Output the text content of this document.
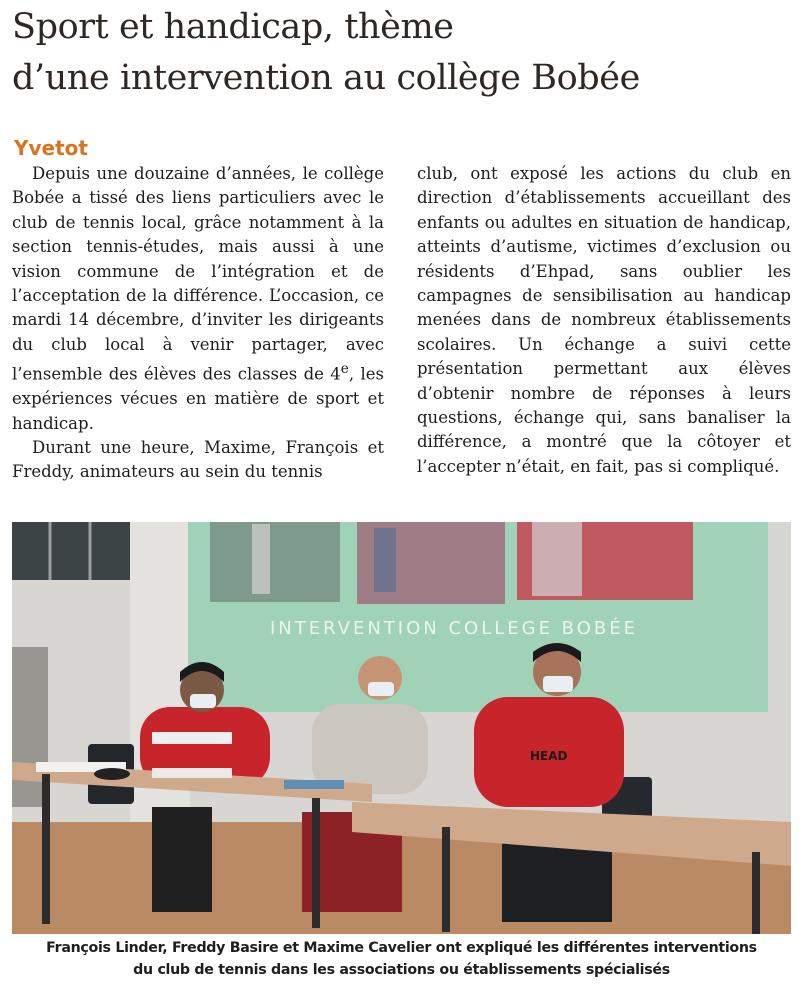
Sport et handicap, thème
d’une intervention au collège Bobée
Yvetot

Depuis une douzaine d’années, le collège Bobée a tissé des liens particuliers avec le club de tennis local, grâce notamment à la section tennis-études, mais aussi à une vision commune de l’intégration et de l’acceptation de la différence. L’occasion, ce mardi 14 décembre, d’inviter les dirigeants du club local à venir partager, avec l’ensemble des élèves des classes de 4e, les expériences vécues en matière de sport et handicap.

Durant une heure, Maxime, François et Freddy, animateurs au sein du tennis

club, ont exposé les actions du club en direction d’établissements accueillant des enfants ou adultes en situation de handicap, atteints d’autisme, victimes d’exclusion ou résidents d’Ehpad, sans oublier les campagnes de sensibilisation au handicap menées dans de nombreux établissements scolaires. Un échange a suivi cette présentation permettant aux élèves d’obtenir nombre de réponses à leurs questions, échange qui, sans banaliser la différence, a montré que la côtoyer et l’accepter n’était, en fait, pas si compliqué.

INTERVENTION COLLEGE BOBÉE
HEAD
François Linder, Freddy Basire et Maxime Cavelier ont expliqué les différentes interventions
du club de tennis dans les associations ou établissements spécialisés
